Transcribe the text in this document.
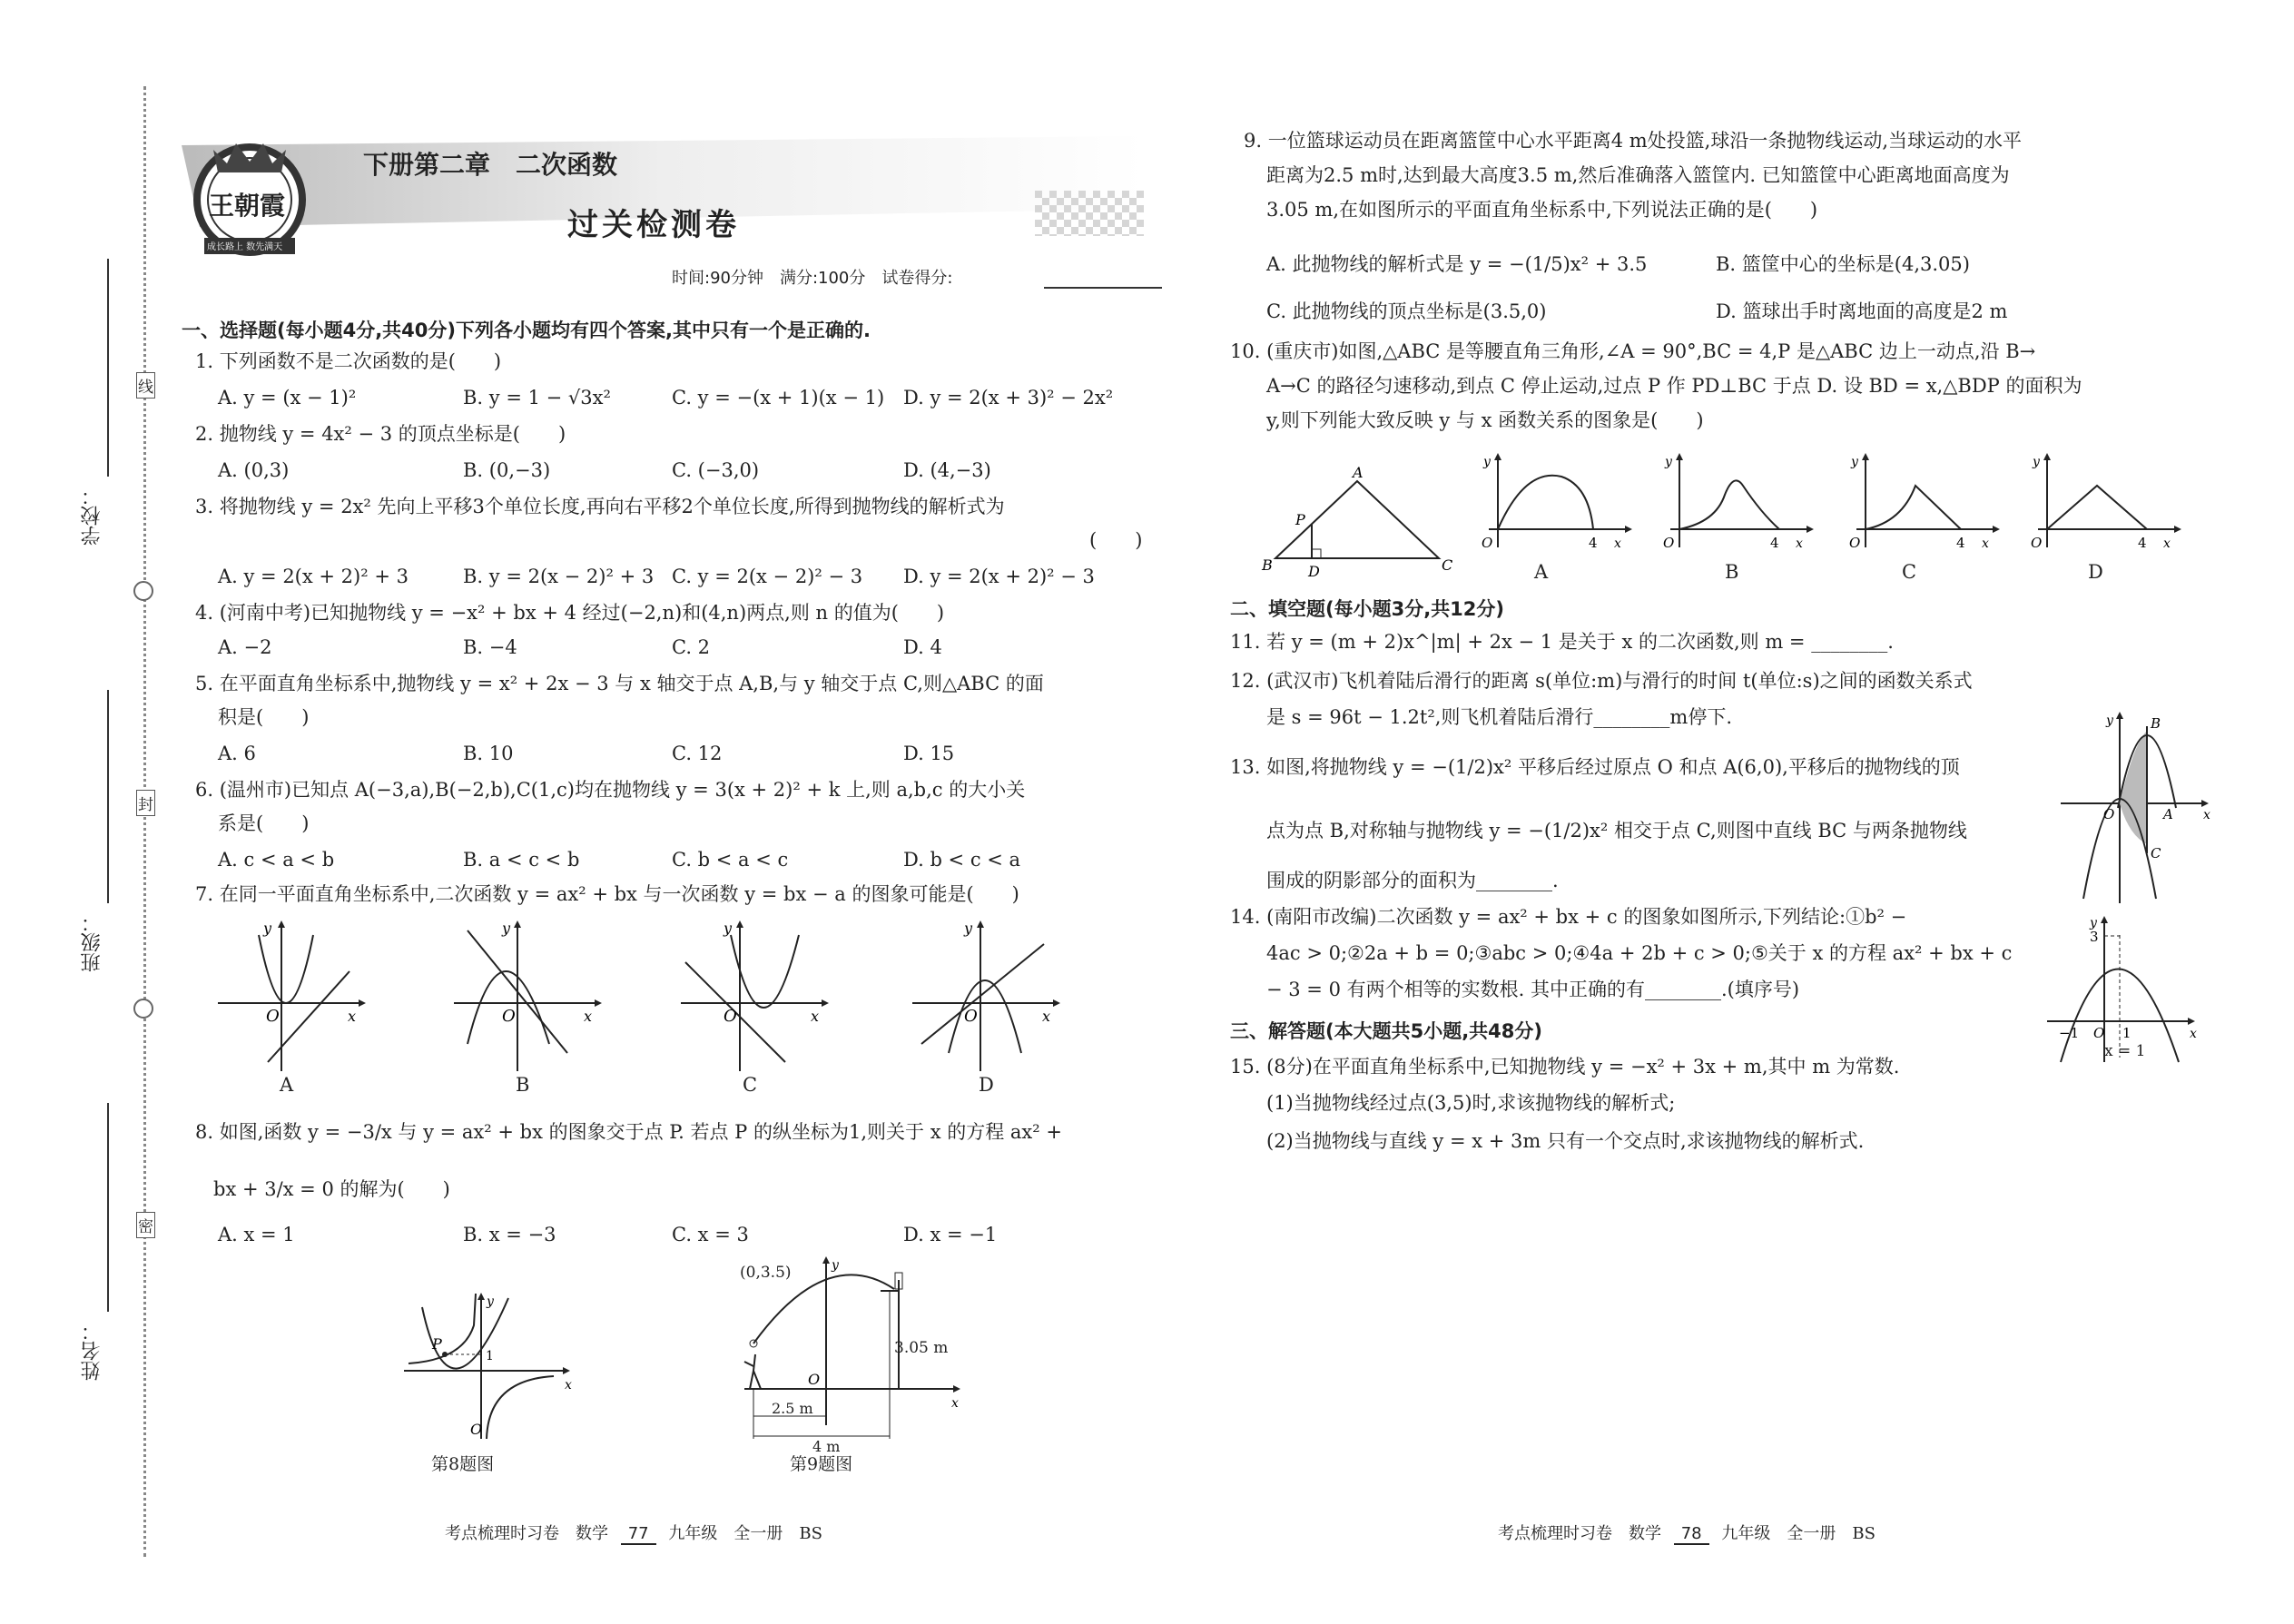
学校：
班级：
姓名：
线
封
密
王朝霞
成长路上 数先满天
下册第二章　二次函数
过关检测卷
时间:90分钟　满分:100分　试卷得分:
一、选择题(每小题4分,共40分)下列各小题均有四个答案,其中只有一个是正确的.
1. 下列函数不是二次函数的是(　　)
A. y = (x − 1)²	B. y = 1 − √3x²	C. y = −(x + 1)(x − 1) D. y = 2(x + 3)² − 2x²
2. 抛物线 y = 4x² − 3 的顶点坐标是(　　)
A. (0,3)	B. (0,−3)	C. (−3,0)	D. (4,−3)
3. 将抛物线 y = 2x² 先向上平移3个单位长度,再向右平移2个单位长度,所得到抛物线的解析式为
(　　)
A. y = 2(x + 2)² + 3	B. y = 2(x − 2)² + 3 C. y = 2(x − 2)² − 3 D. y = 2(x + 2)² − 3
4. (河南中考)已知抛物线 y = −x² + bx + 4 经过(−2,n)和(4,n)两点,则 n 的值为(　　)
A. −2	B. −4	C. 2	D. 4
5. 在平面直角坐标系中,抛物线 y = x² + 2x − 3 与 x 轴交于点 A,B,与 y 轴交于点 C,则△ABC 的面
积是(　　)
A. 6	B. 10	C. 12	D. 15
6. (温州市)已知点 A(−3,a),B(−2,b),C(1,c)均在抛物线 y = 3(x + 2)² + k 上,则 a,b,c 的大小关
系是(　　)
A. c < a < b	B. a < c < b	C. b < a < c	D. b < c < a
7. 在同一平面直角坐标系中,二次函数 y = ax² + bx 与一次函数 y = bx − a 的图象可能是(　　)
O	x
y
O	x
y
O	x
y
O	x
y
A	B	C	D
8. 如图,函数 y = −3/x 与 y = ax² + bx 的图象交于点 P. 若点 P 的纵坐标为1,则关于 x 的方程 ax² +
bx + 3/x = 0 的解为(　　)
A. x = 1	B. x = −3	C. x = 3	D. x = −1
P
1
O
x
y
第8题图
O
x
y
(0,3.5)
3.05 m
2.5 m
4 m
第9题图
考点梳理时习卷　数学 77 九年级　全一册　BS
9. 一位篮球运动员在距离篮筐中心水平距离4 m处投篮,球沿一条抛物线运动,当球运动的水平
距离为2.5 m时,达到最大高度3.5 m,然后准确落入篮筐内. 已知篮筐中心距离地面高度为
3.05 m,在如图所示的平面直角坐标系中,下列说法正确的是(　　)
A. 此抛物线的解析式是 y = −(1/5)x² + 3.5	B. 篮筐中心的坐标是(4,3.05)
C. 此抛物线的顶点坐标是(3.5,0)	D. 篮球出手时离地面的高度是2 m
10. (重庆市)如图,△ABC 是等腰直角三角形,∠A = 90°,BC = 4,P 是△ABC 边上一动点,沿 B→
A→C 的路径匀速移动,到点 C 停止运动,过点 P 作 PD⊥BC 于点 D. 设 BD = x,△BDP 的面积为
y,则下列能大致反映 y 与 x 函数关系的图象是(　　)
A
B	C
P
D
O	4 x
y
O	4 x
y
O	4 x
y
O	4 x
y
A	B	C	D
二、填空题(每小题3分,共12分)
11. 若 y = (m + 2)x^|m| + 2x − 1 是关于 x 的二次函数,则 m = ________.
12. (武汉市)飞机着陆后滑行的距离 s(单位:m)与滑行的时间 t(单位:s)之间的函数关系式
是 s = 96t − 1.2t²,则飞机着陆后滑行________m停下.
13. 如图,将抛物线 y = −(1/2)x² 平移后经过原点 O 和点 A(6,0),平移后的抛物线的顶
点为点 B,对称轴与抛物线 y = −(1/2)x² 相交于点 C,则图中直线 BC 与两条抛物线
围成的阴影部分的面积为________.
B
O	A
C
x
y
14. (南阳市改编)二次函数 y = ax² + bx + c 的图象如图所示,下列结论:①b² −
4ac > 0;②2a + b = 0;③abc > 0;④4a + 2b + c > 0;⑤关于 x 的方程 ax² + bx + c
− 3 = 0 有两个相等的实数根. 其中正确的有________.(填序号)
3
−1 O 1	x
y
x = 1
三、解答题(本大题共5小题,共48分)
15. (8分)在平面直角坐标系中,已知抛物线 y = −x² + 3x + m,其中 m 为常数.
(1)当抛物线经过点(3,5)时,求该抛物线的解析式;
(2)当抛物线与直线 y = x + 3m 只有一个交点时,求该抛物线的解析式.
考点梳理时习卷　数学 78 九年级　全一册　BS
